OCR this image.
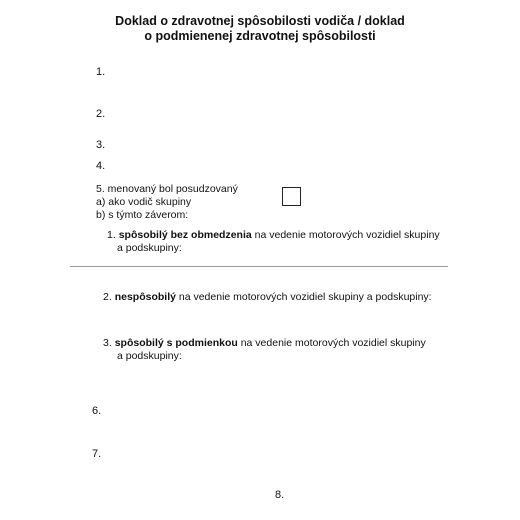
Doklad o zdravotnej spôsobilosti vodiča / doklad
o podmienenej zdravotnej spôsobilosti
1.
2.
3.
4.
5. menovaný bol posudzovaný
a) ako vodič skupiny
b) s týmto záverom:
1. spôsobilý bez obmedzenia na vedenie motorových vozidiel skupiny
a podskupiny:
2. nespôsobilý na vedenie motorových vozidiel skupiny a podskupiny:
3. spôsobilý s podmienkou na vedenie motorových vozidiel skupiny
a podskupiny:
6.
7.
8.
